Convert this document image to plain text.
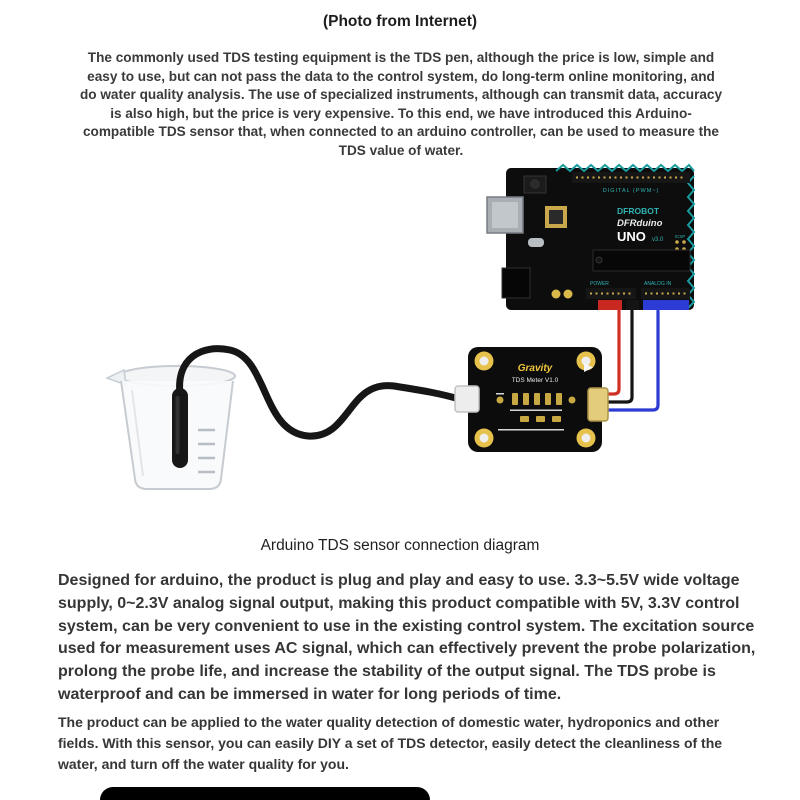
(Photo from Internet)

The commonly used TDS testing equipment is the TDS pen, although the price is low, simple and easy to use, but can not pass the data to the control system, do long-term online monitoring, and do water quality analysis. The use of specialized instruments, although can transmit data, accuracy is also high, but the price is very expensive. To this end, we have introduced this Arduino-compatible TDS sensor that, when connected to an arduino controller, can be used to measure the TDS value of water.

DIGITAL (PWM~)
DFROBOT
DFRduino
UNO v3.0
ICSP
POWER	ANALOG IN
Gravity
TDS Meter V1.0
Arduino TDS sensor connection diagram

Designed for arduino, the product is plug and play and easy to use. 3.3~5.5V wide voltage supply, 0~2.3V analog signal output, making this product compatible with 5V, 3.3V control system, can be very convenient to use in the existing control system. The excitation source used for measurement uses AC signal, which can effectively prevent the probe polarization, prolong the probe life, and increase the stability of the output signal. The TDS probe is waterproof and can be immersed in water for long periods of time.

The product can be applied to the water quality detection of domestic water, hydroponics and other fields. With this sensor, you can easily DIY a set of TDS detector, easily detect the cleanliness of the water, and turn off the water quality for you.
